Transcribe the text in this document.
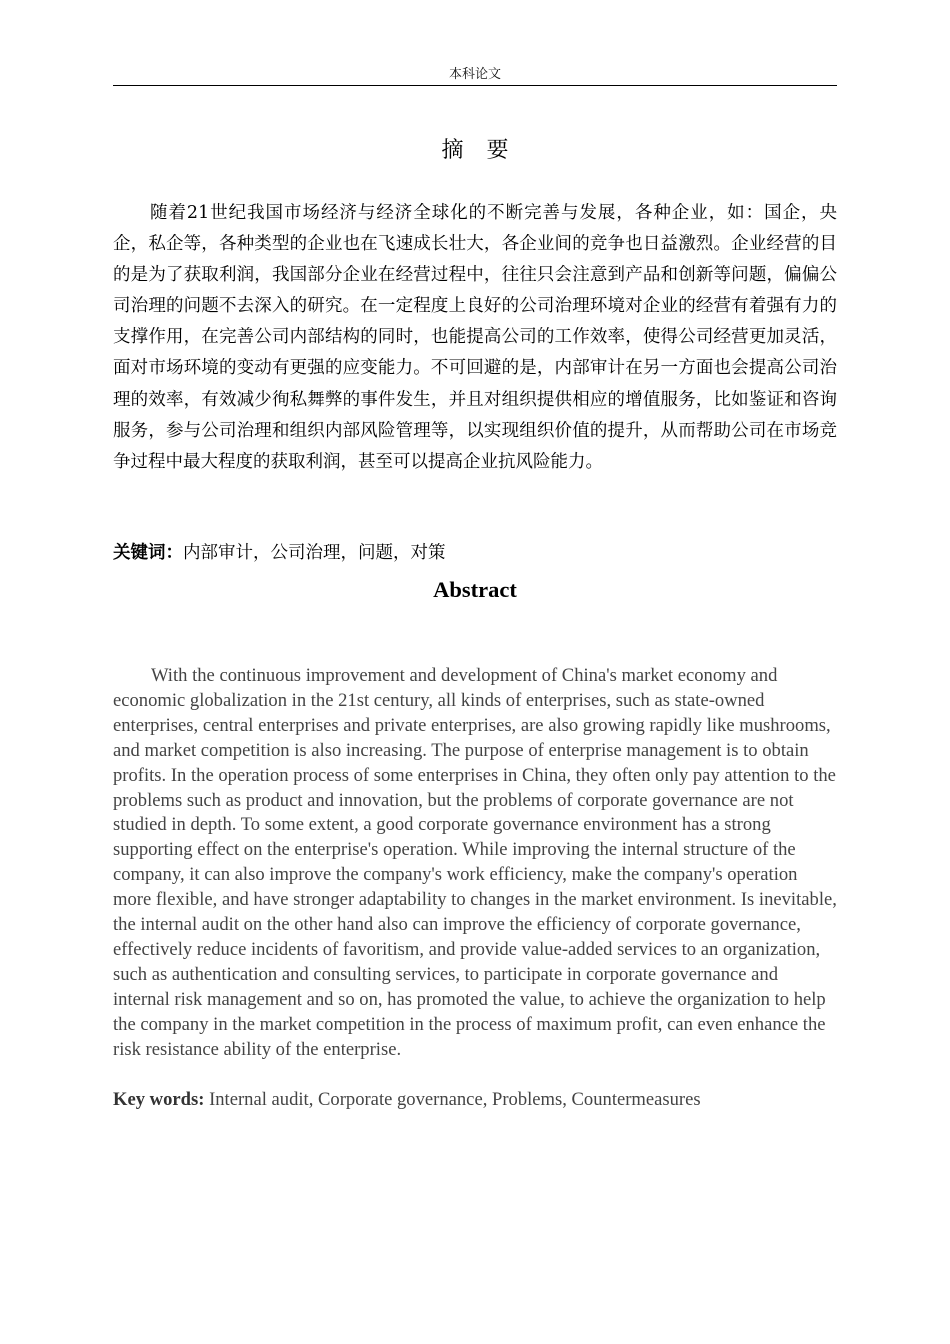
本科论文
摘 要

随着21世纪我国市场经济与经济全球化的不断完善与发展，各种企业，如：国企，央企，私企等，各种类型的企业也在飞速成长壮大，各企业间的竞争也日益激烈。企业经营的目的是为了获取利润，我国部分企业在经营过程中，往往只会注意到产品和创新等问题，偏偏公司治理的问题不去深入的研究。在一定程度上良好的公司治理环境对企业的经营有着强有力的支撑作用，在完善公司内部结构的同时，也能提高公司的工作效率，使得公司经营更加灵活，面对市场环境的变动有更强的应变能力。不可回避的是，内部审计在另一方面也会提高公司治理的效率，有效减少徇私舞弊的事件发生，并且对组织提供相应的增值服务，比如鉴证和咨询服务，参与公司治理和组织内部风险管理等，以实现组织价值的提升，从而帮助公司在市场竞争过程中最大程度的获取利润，甚至可以提高企业抗风险能力。

关键词：内部审计，公司治理，问题，对策

Abstract

With the continuous improvement and development of China's market economy and economic globalization in the 21st century, all kinds of enterprises, such as state-owned enterprises, central enterprises and private enterprises, are also growing rapidly like mushrooms, and market competition is also increasing. The purpose of enterprise management is to obtain profits. In the operation process of some enterprises in China, they often only pay attention to the problems such as product and innovation, but the problems of corporate governance are not studied in depth. To some extent, a good corporate governance environment has a strong supporting effect on the enterprise's operation. While improving the internal structure of the company, it can also improve the company's work efficiency, make the company's operation more flexible, and have stronger adaptability to changes in the market environment. Is inevitable, the internal audit on the other hand also can improve the efficiency of corporate governance, effectively reduce incidents of favoritism, and provide value-added services to an organization, such as authentication and consulting services, to participate in corporate governance and internal risk management and so on, has promoted the value, to achieve the organization to help the company in the market competition in the process of maximum profit, can even enhance the risk resistance ability of the enterprise.

Key words: Internal audit, Corporate governance, Problems, Countermeasures
